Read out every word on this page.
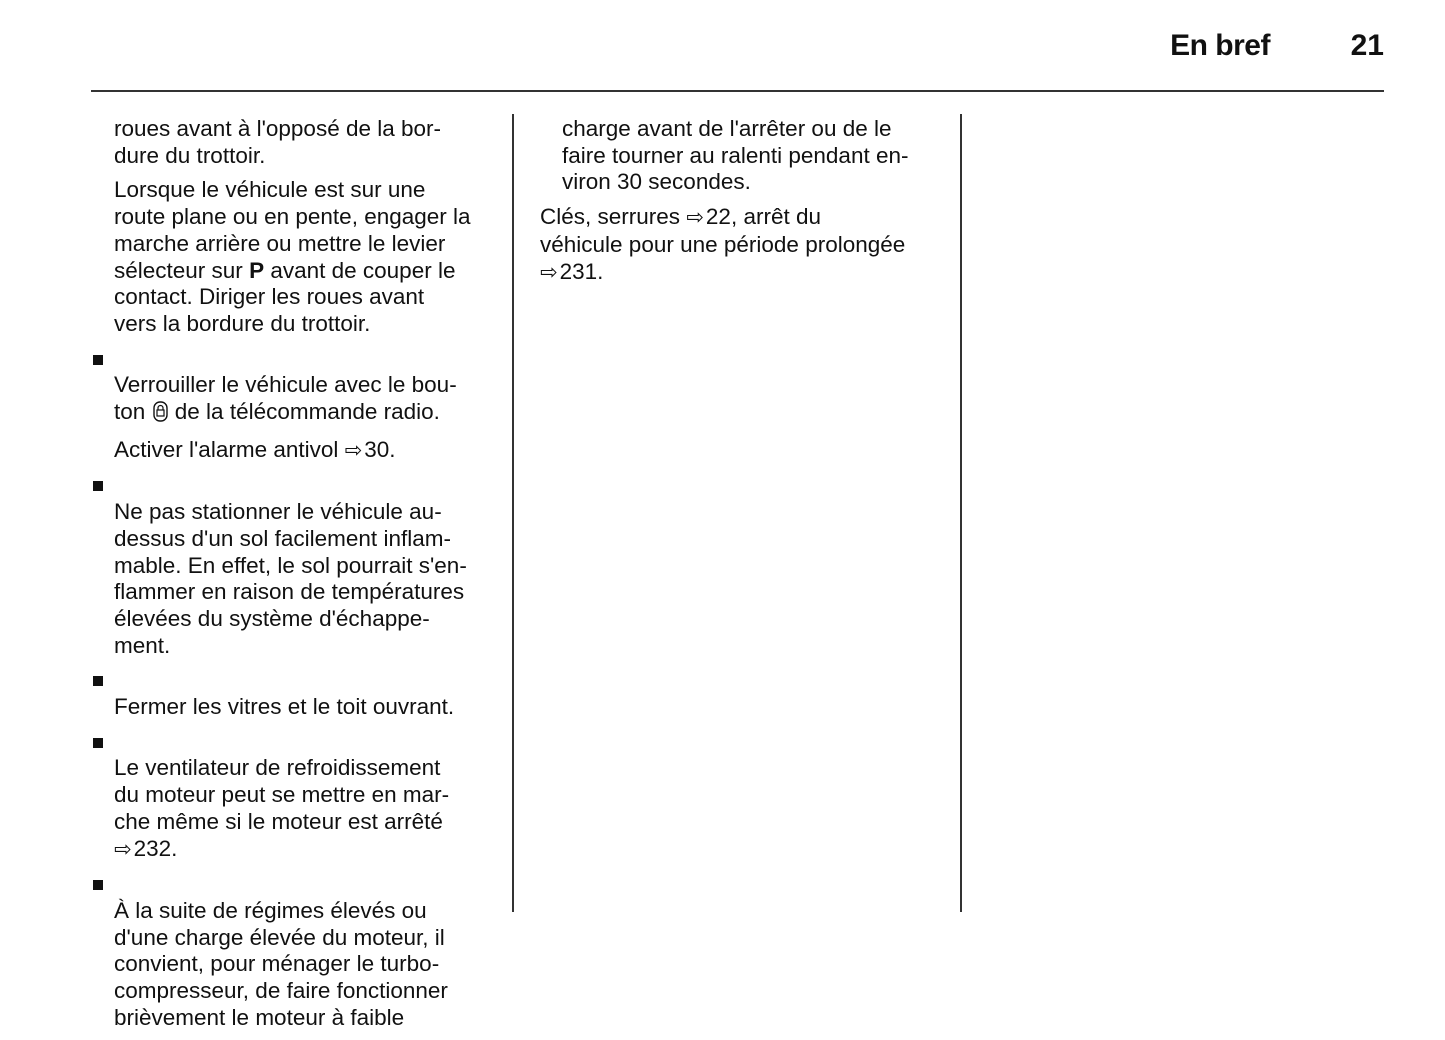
En bref	21

roues avant à l'opposé de la bor-
dure du trottoir.

Lorsque le véhicule est sur une
route plane ou en pente, engager la
marche arrière ou mettre le levier
sélecteur sur P avant de couper le
contact. Diriger les roues avant
vers la bordure du trottoir.

Verrouiller le véhicule avec le bou-
ton  de la télécommande radio.

Activer l'alarme antivol ⇨30.

Ne pas stationner le véhicule au-
dessus d'un sol facilement inflam-
mable. En effet, le sol pourrait s'en-
flammer en raison de températures
élevées du système d'échappe-
ment.

Fermer les vitres et le toit ouvrant.

Le ventilateur de refroidissement
du moteur peut se mettre en mar-
che même si le moteur est arrêté
⇨232.

À la suite de régimes élevés ou
d'une charge élevée du moteur, il
convient, pour ménager le turbo-
compresseur, de faire fonctionner
brièvement le moteur à faible

charge avant de l'arrêter ou de le
faire tourner au ralenti pendant en-
viron 30 secondes.

Clés, serrures ⇨22, arrêt du
véhicule pour une période prolongée
⇨231.
